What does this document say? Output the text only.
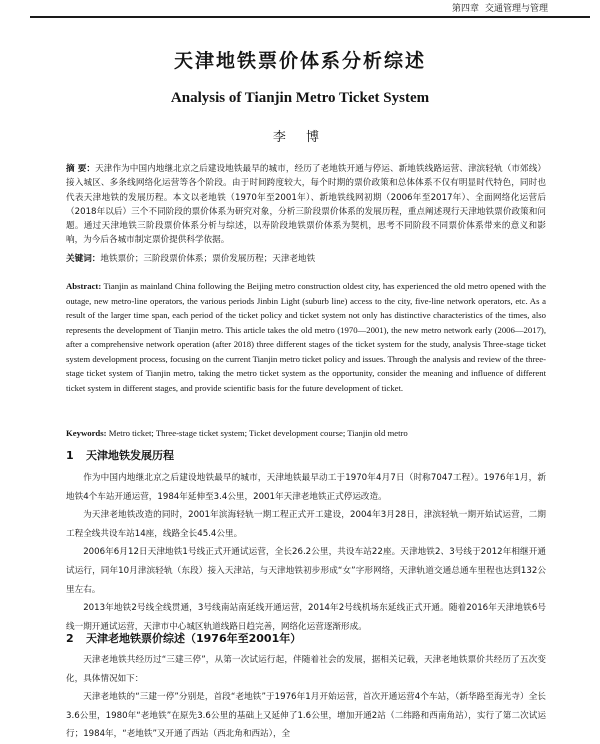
第四章 交通管理与管理
天津地铁票价体系分析综述
Analysis of Tianjin Metro Ticket System
李 博
摘 要：天津作为中国内地继北京之后建设地铁最早的城市，经历了老地铁开通与停运、新地铁线路运营、津滨轻轨（市郊线）接入城区、多条线网络化运营等各个阶段。由于时间跨度较大，每个时期的票价政策和总体体系不仅有明显时代特色，同时也代表天津地铁的发展历程。本文以老地铁（1970年至2001年）、新地铁线网初期（2006年至2017年）、全面网络化运营后（2018年以后）三个不同阶段的票价体系为研究对象，分析三阶段票价体系的发展历程，重点阐述现行天津地铁票价政策和问题。通过天津地铁三阶段票价体系分析与综述，以寿阶段地铁票价体系为契机，思考不同阶段不同票价体系带来的意义和影响，为今后各城市制定票价提供科学依据。
关键词：地铁票价；三阶段票价体系；票价发展历程；天津老地铁
Abstract: Tianjin as mainland China following the Beijing metro construction oldest city, has experienced the old metro opened with the outage, new metro-line operators, the various periods Jinbin Light (suburb line) access to the city, five-line network operators, etc. As a result of the larger time span, each period of the ticket policy and ticket system not only has distinctive characteristics of the times, also represents the development of Tianjin metro. This article takes the old metro (1970—2001), the new metro network early (2006—2017), after a comprehensive network operation (after 2018) three different stages of the ticket system for the study, analysis Three-stage ticket system development process, focusing on the current Tianjin metro ticket policy and issues. Through the analysis and review of the three-stage ticket system of Tianjin metro, taking the metro ticket system as the opportunity, consider the meaning and influence of different ticket system in different stages, and provide scientific basis for the future development of ticket.
Keywords: Metro ticket; Three-stage ticket system; Ticket development course; Tianjin old metro
1 天津地铁发展历程

作为中国内地继北京之后建设地铁最早的城市，天津地铁最早动工于1970年4月7日（时称7047工程）。1976年1月，新地铁4个车站开通运营，1984年延伸至3.4公里，2001年天津老地铁正式停运改造。

为天津老地铁改造的同时，2001年滨海轻轨一期工程正式开工建设，2004年3月28日，津滨轻轨一期开始试运营，二期工程全线共设车站14座，线路全长45.4公里。

2006年6月12日天津地铁1号线正式开通试运营，全长26.2公里，共设车站22座。天津地铁2、3号线于2012年相继开通试运行，同年10月津滨轻轨（东段）接入天津站，与天津地铁初步形成“女”字形网络，天津轨道交通总通车里程也达到132公里左右。

2013年地铁2号线全线贯通，3号线南站南延线开通运营，2014年2号线机场东延线正式开通。随着2016年天津地铁6号线一期开通试运营，天津市中心城区轨道线路日趋完善，网络化运营逐渐形成。

2 天津老地铁票价综述（1976年至2001年）

天津老地铁共经历过“三建三停”，从第一次试运行起，伴随着社会的发展，据相关记载，天津老地铁票价共经历了五次变化，具体情况如下：

天津老地铁的“三建一停”分别是，首段“老地铁”于1976年1月开始运营，首次开通运营4个车站，（新华路至海光寺）全长3.6公里，1980年“老地铁”在原先3.6公里的基础上又延伸了1.6公里，增加开通2站（二纬路和西南角站），实行了第二次试运行；1984年，“老地铁”又开通了西站（西北角和西站），全
